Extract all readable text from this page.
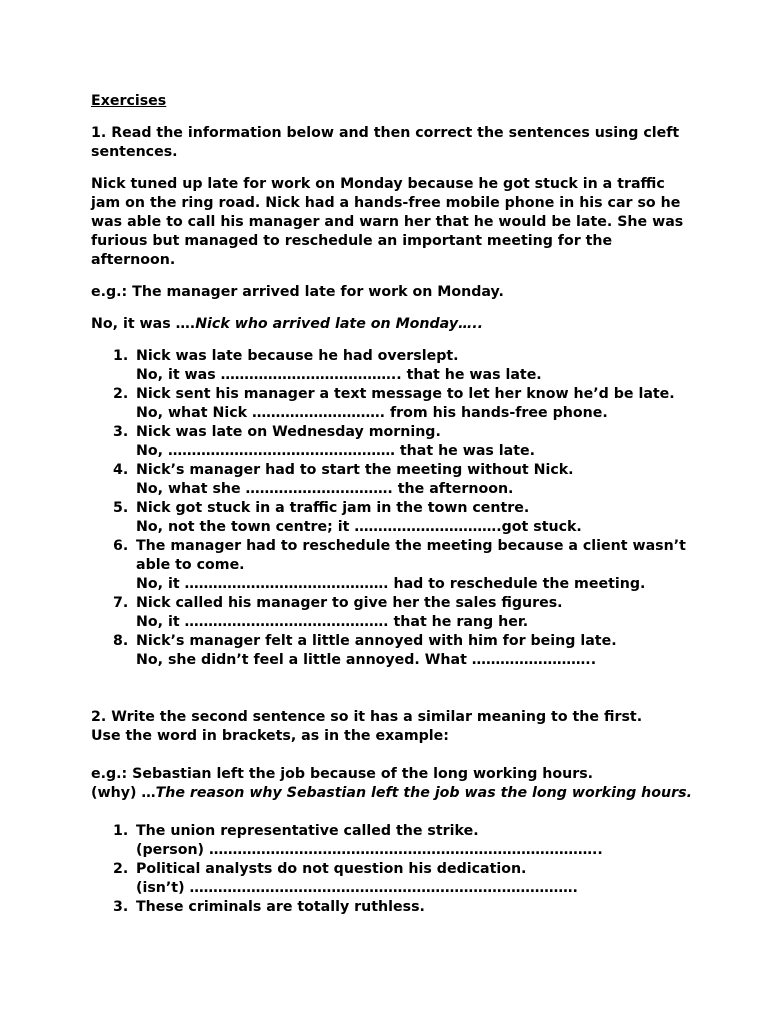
Exercises
1. Read the information below and then correct the sentences using cleft
sentences.
Nick tuned up late for work on Monday because he got stuck in a traffic
jam on the ring road. Nick had a hands-free mobile phone in his car so he
was able to call his manager and warn her that he would be late. She was
furious but managed to reschedule an important meeting for the
afternoon.
e.g.: The manager arrived late for work on Monday.
No, it was ….Nick who arrived late on Monday…..
1. Nick was late because he had overslept.
No, it was ……………………………….. that he was late.
2. Nick sent his manager a text message to let her know he’d be late.
No, what Nick ………………………. from his hands-free phone.
3. Nick was late on Wednesday morning.
No, ………………………………………… that he was late.
4. Nick’s manager had to start the meeting without Nick.
No, what she …………………………. the afternoon.
5. Nick got stuck in a traffic jam in the town centre.
No, not the town centre; it ………………………….got stuck.
6. The manager had to reschedule the meeting because a client wasn’t
able to come.
No, it ……………………………………. had to reschedule the meeting.
7. Nick called his manager to give her the sales figures.
No, it ……………………………………. that he rang her.
8. Nick’s manager felt a little annoyed with him for being late.
No, she didn’t feel a little annoyed. What ……………………..
2. Write the second sentence so it has a similar meaning to the first.
Use the word in brackets, as in the example:
e.g.: Sebastian left the job because of the long working hours.
(why) …The reason why Sebastian left the job was the long working hours.
1. The union representative called the strike.
(person) ………………………………………………………………………..
2. Political analysts do not question his dedication.
(isn’t) ……………………………………………………………………….
3. These criminals are totally ruthless.
